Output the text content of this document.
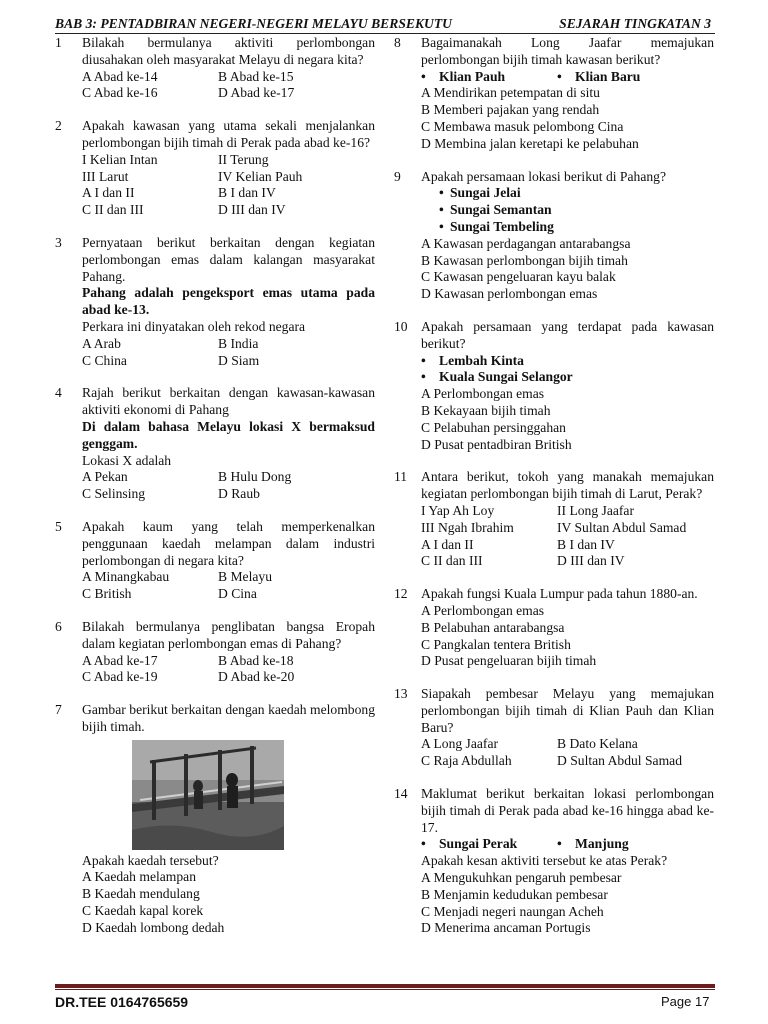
BAB 3: PENTADBIRAN NEGERI-NEGERI MELAYU BERSEKUTU	SEJARAH TINGKATAN 3
1 Bilakah bermulanya aktiviti perlombongan diusahakan oleh masyarakat Melayu di negara kita?
A Abad ke-14	B Abad ke-15
C Abad ke-16	D Abad ke-17
2 Apakah kawasan yang utama sekali menjalankan perlombongan bijih timah di Perak pada abad ke-16?
I Kelian Intan	II Terung
III Larut	IV Kelian Pauh
A I dan II	B I dan IV
C II dan III	D III dan IV
3 Pernyataan berikut berkaitan dengan kegiatan perlombongan emas dalam kalangan masyarakat Pahang.
Pahang adalah pengeksport emas utama pada abad ke-13.
Perkara ini dinyatakan oleh rekod negara
A Arab	B India
C China	D Siam
4 Rajah berikut berkaitan dengan kawasan-kawasan aktiviti ekonomi di Pahang
Di dalam bahasa Melayu lokasi X bermaksud genggam.
Lokasi X adalah
A Pekan	B Hulu Dong
C Selinsing	D Raub
5 Apakah kaum yang telah memperkenalkan penggunaan kaedah melampan dalam industri perlombongan di negara kita?
A Minangkabau	B Melayu
C British	D Cina
6 Bilakah bermulanya penglibatan bangsa Eropah dalam kegiatan perlombongan emas di Pahang?
A Abad ke-17	B Abad ke-18
C Abad ke-19	D Abad ke-20
7 Gambar berikut berkaitan dengan kaedah melombong bijih timah.
Apakah kaedah tersebut?
A Kaedah melampan
B Kaedah mendulang
C Kaedah kapal korek
D Kaedah lombong dedah
8 Bagaimanakah Long Jaafar memajukan perlombongan bijih timah kawasan berikut?
• Klian Pauh	• Klian Baru
A Mendirikan petempatan di situ
B Memberi pajakan yang rendah
C Membawa masuk pelombong Cina
D Membina jalan keretapi ke pelabuhan
9 Apakah persamaan lokasi berikut di Pahang?
• Sungai Jelai
• Sungai Semantan
• Sungai Tembeling
A Kawasan perdagangan antarabangsa
B Kawasan perlombongan bijih timah
C Kawasan pengeluaran kayu balak
D Kawasan perlombongan emas
10 Apakah persamaan yang terdapat pada kawasan berikut?
• Lembah Kinta
• Kuala Sungai Selangor
A Perlombongan emas
B Kekayaan bijih timah
C Pelabuhan persinggahan
D Pusat pentadbiran British
11 Antara berikut, tokoh yang manakah memajukan kegiatan perlombongan bijih timah di Larut, Perak?
I Yap Ah Loy	II Long Jaafar
III Ngah Ibrahim	IV Sultan Abdul Samad
A I dan II	B I dan IV
C II dan III	D III dan IV
12 Apakah fungsi Kuala Lumpur pada tahun 1880-an.
A Perlombongan emas
B Pelabuhan antarabangsa
C Pangkalan tentera British
D Pusat pengeluaran bijih timah
13 Siapakah pembesar Melayu yang memajukan perlombongan bijih timah di Klian Pauh dan Klian Baru?
A Long Jaafar	B Dato Kelana
C Raja Abdullah	D Sultan Abdul Samad
14 Maklumat berikut berkaitan lokasi perlombongan bijih timah di Perak pada abad ke-16 hingga abad ke-17.
• Sungai Perak	• Manjung
Apakah kesan aktiviti tersebut ke atas Perak?
A Mengukuhkan pengaruh pembesar
B Menjamin kedudukan pembesar
C Menjadi negeri naungan Acheh
D Menerima ancaman Portugis
DR.TEE 0164765659	Page 17
